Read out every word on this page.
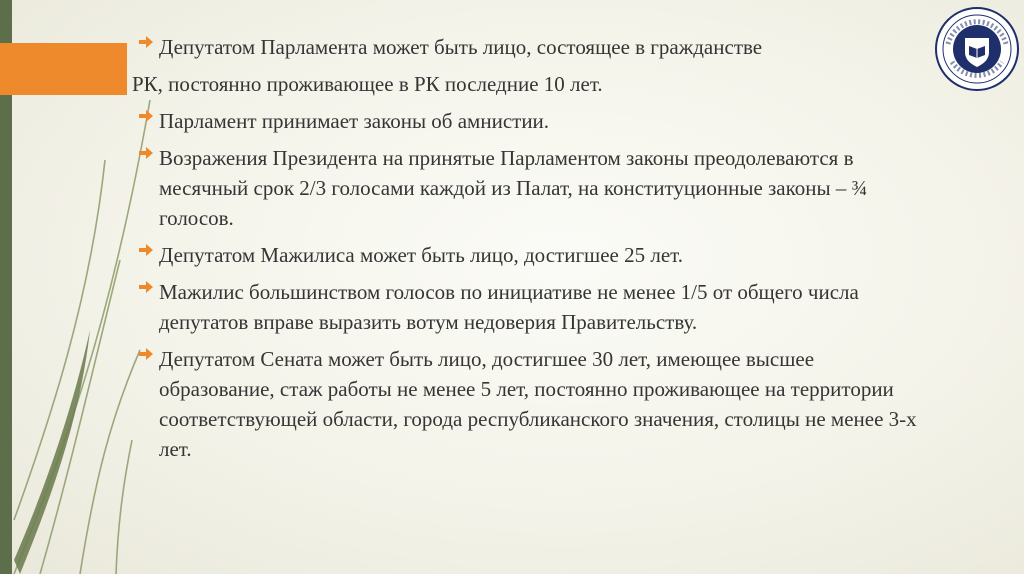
Депутатом Парламента может быть лицо, состоящее в гражданстве
РК, постоянно проживающее в РК последние 10 лет.
Парламент принимает законы об амнистии.
Возражения Президента на принятые Парламентом законы преодолеваются в месячный срок 2/3 голосами каждой из Палат, на конституционные законы – ¾ голосов.
Депутатом Мажилиса может быть лицо, достигшее 25 лет.
Мажилис большинством голосов по инициативе не менее 1/5 от общего числа депутатов вправе выразить вотум недоверия Правительству.
Депутатом Сената может быть лицо, достигшее 30 лет, имеющее высшее образование, стаж работы не менее 5 лет, постоянно проживающее на территории соответствующей области, города республиканского значения, столицы не менее 3-х лет.
